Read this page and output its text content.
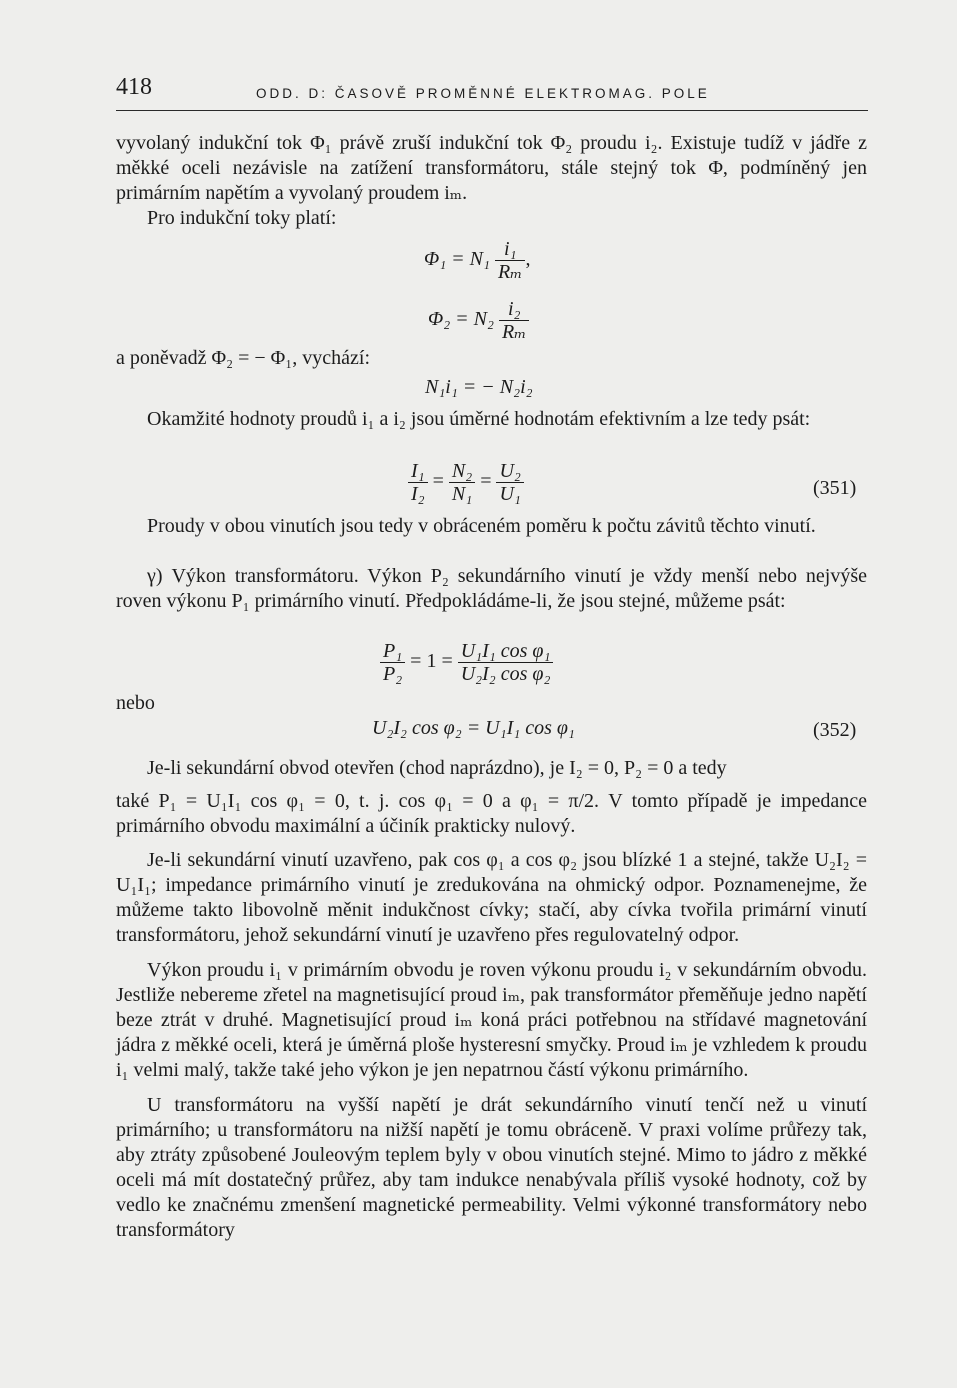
418	ODD. D: ČASOVĚ PROMĚNNÉ ELEKTROMAG. POLE
vyvolaný indukční tok Φ₁ právě zruší indukční tok Φ₂ proudu i₂. Existuje tudíž v jádře z měkké oceli nezávisle na zatížení transformátoru, stále stejný tok Φ, podmíněný jen primárním napětím a vyvolaný proudem iₘ.
Pro indukční toky platí:
$\Phi_1 = N_1 \frac{\text{i₁}}{\text{Rₘ}}$ ,
$\Phi_2 = N_2 \frac{\text{i₂}}{\text{Rₘ}}$
a poněvadž Φ₂ = − Φ₁, vychází:
N₁i₁ = − N₂i₂
Okamžité hodnoty proudů i₁ a i₂ jsou úměrné hodnotám efektivním a lze tedy psát:
$\frac{\text{I₁}}{\text{I₂}} = \frac{\text{N₂}}{\text{N₁}} = \frac{\text{U₂}}{\text{U₁}}$	(351)
Proudy v obou vinutích jsou tedy v obráceném poměru k počtu závitů těchto vinutí.
γ) Výkon transformátoru. Výkon P₂ sekundárního vinutí je vždy menší nebo nejvýše roven výkonu P₁ primárního vinutí. Předpokládáme-li, že jsou stejné, můžeme psát:
$\frac{\text{P₁}}{\text{P₂}} = 1 = \frac{\text{U₁I₁ cos φ₁}}{\text{U₂I₂ cos φ₂}}$
nebo
U₂I₂ cos φ₂ = U₁I₁ cos φ₁	(352)
Je-li sekundární obvod otevřen (chod naprázdno), je I₂ = 0, P₂ = 0 a tedy
také P₁ = U₁I₁ cos φ₁ = 0, t. j. cos φ₁ = 0 a φ₁ = π/2. V tomto případě je impedance primárního obvodu maximální a účiník prakticky nulový.
Je-li sekundární vinutí uzavřeno, pak cos φ₁ a cos φ₂ jsou blízké 1 a stejné, takže U₂I₂ = U₁I₁; impedance primárního vinutí je zredukována na ohmický odpor. Poznamenejme, že můžeme takto libovolně měnit indukčnost cívky; stačí, aby cívka tvořila primární vinutí transformátoru, jehož sekundární vinutí je uzavřeno přes regulovatelný odpor.
Výkon proudu i₁ v primárním obvodu je roven výkonu proudu i₂ v sekundárním obvodu. Jestliže nebereme zřetel na magnetisující proud iₘ, pak transformátor přeměňuje jedno napětí beze ztrát v druhé. Magnetisující proud iₘ koná práci potřebnou na střídavé magnetování jádra z měkké oceli, která je úměrná ploše hysteresní smyčky. Proud iₘ je vzhledem k proudu i₁ velmi malý, takže také jeho výkon je jen nepatrnou částí výkonu primárního.
U transformátoru na vyšší napětí je drát sekundárního vinutí tenčí než u vinutí primárního; u transformátoru na nižší napětí je tomu obráceně. V praxi volíme průřezy tak, aby ztráty způsobené Jouleovým teplem byly v obou vinutích stejné. Mimo to jádro z měkké oceli má mít dostatečný průřez, aby tam indukce nenabývala příliš vysoké hodnoty, což by vedlo ke značnému zmenšení magnetické permeability. Velmi výkonné transformátory nebo transformátory
